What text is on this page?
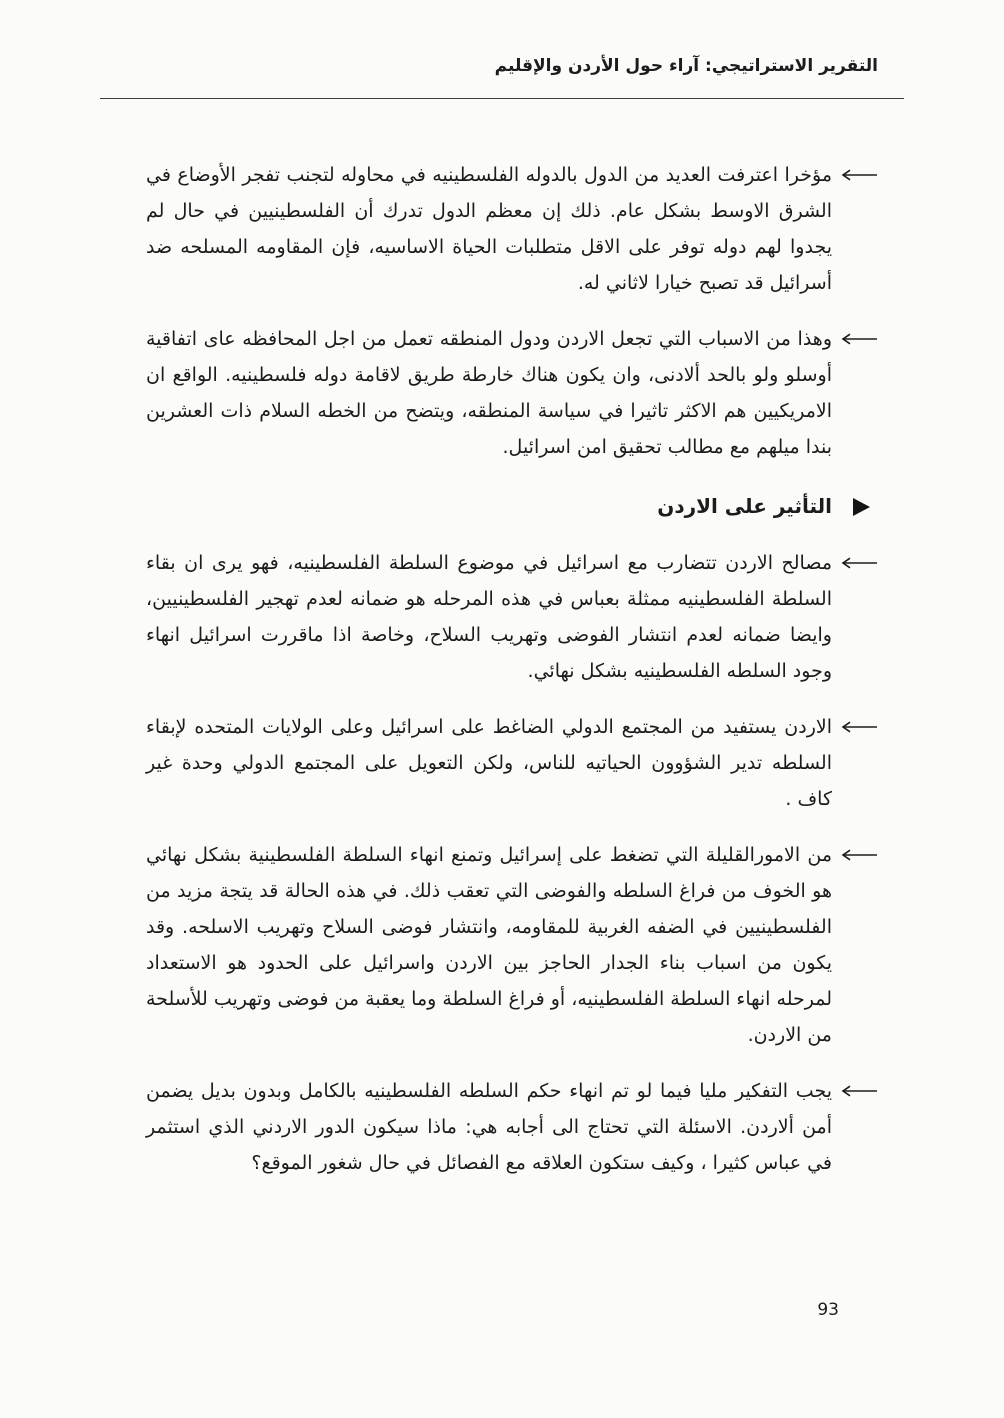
التقرير الاستراتيجي: آراء حول الأردن والإقليم

مؤخرا اعترفت العديد من الدول بالدوله الفلسطينيه في محاوله لتجنب تفجر الأوضاع في الشرق الاوسط بشكل عام. ذلك إن معظم الدول تدرك أن الفلسطينيين في حال لم يجدوا لهم دوله توفر على الاقل متطلبات الحياة الاساسيه، فإن المقاومه المسلحه ضد أسرائيل قد تصبح خيارا لاثاني له.

وهذا من الاسباب التي تجعل الاردن ودول المنطقه تعمل من اجل المحافظه عاى اتفاقية أوسلو ولو بالحد ألادنى، وان يكون هناك خارطة طريق لاقامة دوله فلسطينيه. الواقع ان الامريكيين هم الاكثر تاثيرا في سياسة المنطقه، ويتضح من الخطه السلام ذات العشرين بندا ميلهم مع مطالب تحقيق امن اسرائيل.

التأثير على الاردن

مصالح الاردن تتضارب مع اسرائيل في موضوع السلطة الفلسطينيه، فهو يرى ان بقاء السلطة الفلسطينيه ممثلة بعباس في هذه المرحله هو ضمانه لعدم تهجير الفلسطينيين، وايضا ضمانه لعدم انتشار الفوضى وتهريب السلاح، وخاصة اذا ماقررت اسرائيل انهاء وجود السلطه الفلسطينيه بشكل نهائي.

الاردن يستفيد من المجتمع الدولي الضاغط على اسرائيل وعلى الولايات المتحده لإبقاء السلطه تدير الشؤوون الحياتيه للناس، ولكن التعويل على المجتمع الدولي وحدة غير كاف .

من الامورالقليلة التي تضغط على إسرائيل وتمنع انهاء السلطة الفلسطينية بشكل نهائي هو الخوف من فراغ السلطه والفوضى التي تعقب ذلك. في هذه الحالة قد يتجة مزيد من الفلسطينيين في الضفه الغربية للمقاومه، وانتشار فوضى السلاح وتهريب الاسلحه. وقد يكون من اسباب بناء الجدار الحاجز بين الاردن واسرائيل على الحدود هو الاستعداد لمرحله انهاء السلطة الفلسطينيه، أو فراغ السلطة وما يعقبة من فوضى وتهريب للأسلحة من الاردن.

يجب التفكير مليا فيما لو تم انهاء حكم السلطه الفلسطينيه بالكامل وبدون بديل يضمن أمن ألاردن. الاسئلة التي تحتاج الى أجابه هي: ماذا سيكون الدور الاردني الذي استثمر في عباس كثيرا ، وكيف ستكون العلاقه مع الفصائل في حال شغور الموقع؟

93
